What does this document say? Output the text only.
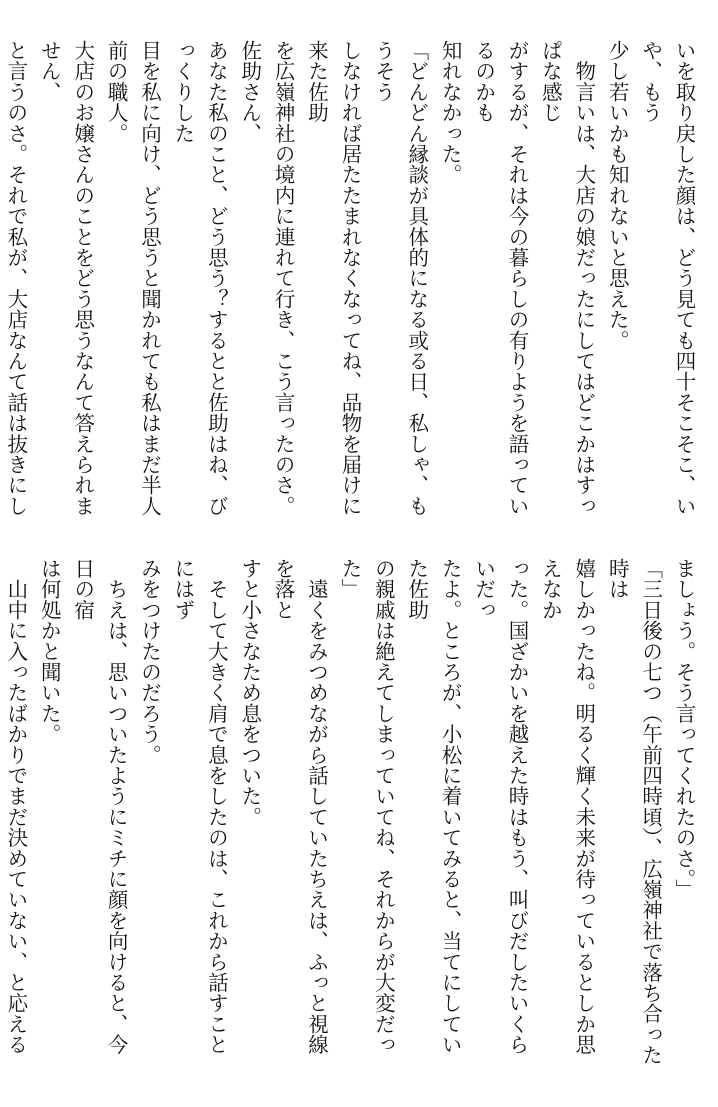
いを取り戻した顔は、どう見ても四十そこそこ、いや、もう
少し若いかも知れないと思えた。
　物言いは、大店の娘だったにしてはどこかはすっぱな感じ
がするが、それは今の暮らしの有りようを語っているのかも
知れなかった。
「どんどん縁談が具体的になる或る日、私しゃ、もうそう
しなければ居たたまれなくなってね、品物を届けに来た佐助
を広嶺神社の境内に連れて行き、こう言ったのさ。佐助さん、
あなた私のこと、どう思う？するとと佐助はね、びっくりした
目を私に向け、どう思うと聞かれても私はまだ半人前の職人。
大店のお嬢さんのことをどう思うなんて答えられません、
と言うのさ。それで私が、大店なんて話は抜きにし

ましょう。そう言ってくれたのさ。」
「三日後の七つ（午前四時頃）、広嶺神社で落ち合った時は
嬉しかったね。明るく輝く未来が待っているとしか思えなか
った。国ざかいを越えた時はもう、叫びだしたいくらいだっ
たよ。ところが、小松に着いてみると、当てにしていた佐助
の親戚は絶えてしまっていてね、それからが大変だった」
　遠くをみつめながら話していたちえは、ふっと視線を落と
すと小さなため息をついた。
　そして大きく肩で息をしたのは、これから話すことにはず
みをつけたのだろう。
　ちえは、思いついたようにミチに顔を向けると、今日の宿
は何処かと聞いた。
　山中に入ったばかりでまだ決めていない、と応える
